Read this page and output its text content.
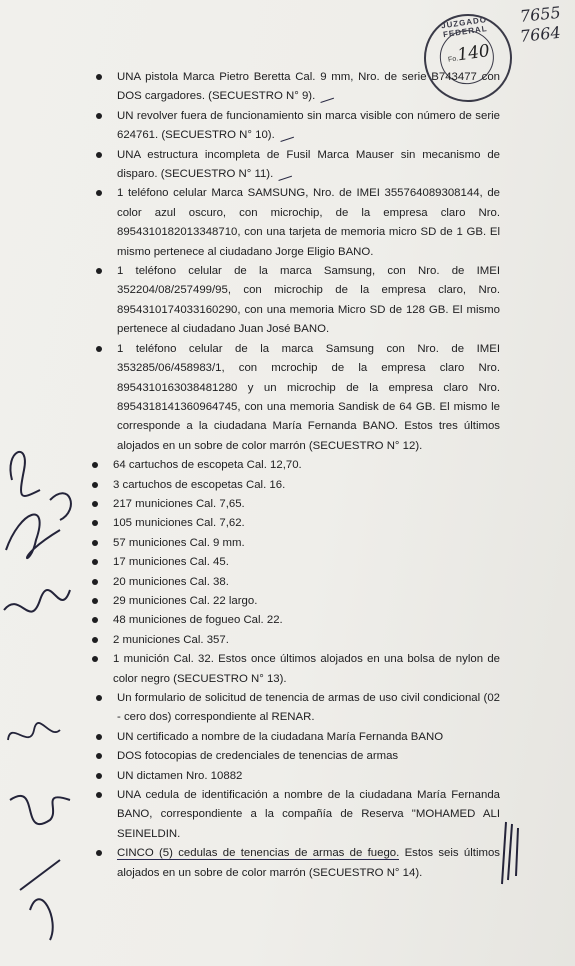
JUZGADO FEDERAL
Fo.
140
7655
7664
UNA pistola Marca Pietro Beretta Cal. 9 mm, Nro. de serie B743477 con DOS cargadores. (SECUESTRO N° 9).
UN revolver fuera de funcionamiento sin marca visible con número de serie 624761. (SECUESTRO N° 10).
UNA estructura incompleta de Fusil Marca Mauser sin mecanismo de disparo. (SECUESTRO N° 11).
1 teléfono celular Marca SAMSUNG, Nro. de IMEI 355764089308144, de color azul oscuro, con microchip, de la empresa claro Nro. 895431018201334871​0, con una tarjeta de memoria micro SD de 1 GB. El mismo pertenece al ciudadano Jorge Eligio BANO.
1 teléfono celular de la marca Samsung, con Nro. de IMEI 352204/08/257499/95, con microchip de la empresa claro, Nro. 8954310174033160290, con una memoria Micro SD de 128 GB. El mismo pertenece al ciudadano Juan José BANO.
1 teléfono celular de la marca Samsung con Nro. de IMEI 353285/06/458983/1, con mcrochip de la empresa claro Nro. 8954310163038481280 y un microchip de la empresa claro Nro. 8954318141360964745, con una memoria Sandisk de 64 GB. El mismo le corresponde a la ciudadana María Fernanda BANO. Estos tres últimos alojados en un sobre de color marrón (SECUESTRO N° 12).
64 cartuchos de escopeta Cal. 12,70.
3 cartuchos de escopetas Cal. 16.
217 municiones Cal. 7,65.
105 municiones Cal. 7,62.
57 municiones Cal. 9 mm.
17 municiones Cal. 45.
20 municiones Cal. 38.
29 municiones Cal. 22 largo.
48 municiones de fogueo Cal. 22.
2 municiones Cal. 357.
1 munición Cal. 32. Estos once últimos alojados en una bolsa de nylon de color negro (SECUESTRO N° 13).
Un formulario de solicitud de tenencia de armas de uso civil condicional (02 - cero dos) correspondiente al RENAR.
UN certificado a nombre de la ciudadana María Fernanda BANO
DOS fotocopias de credenciales de tenencias de armas
UN dictamen Nro. 10882
UNA cedula de identificación a nombre de la ciudadana María Fernanda BANO, correspondiente a la compañía de Reserva "MOHAMED ALI SEINELDIN.
CINCO (5) cedulas de tenencias de armas de fuego. Estos seis últimos alojados en un sobre de color marrón (SECUESTRO N° 14).
